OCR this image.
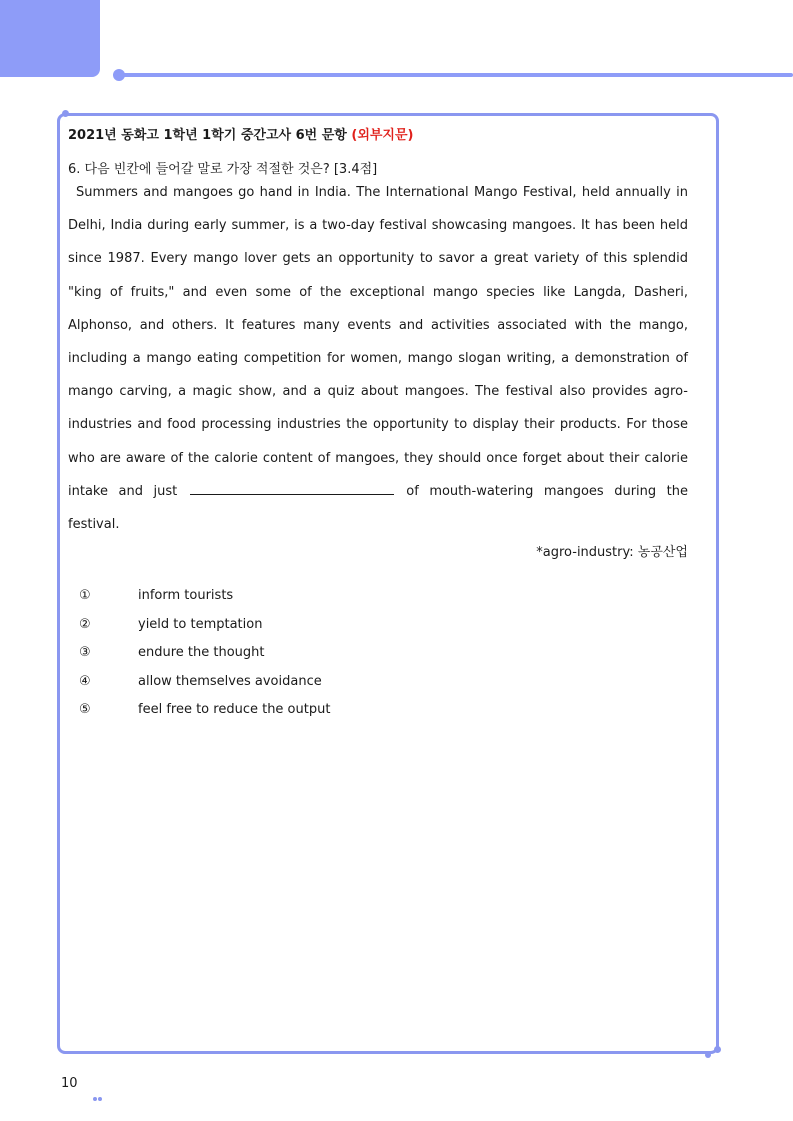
2021년 동화고 1학년 1학기 중간고사 6번 문항 (외부지문)
6. 다음 빈칸에 들어갈 말로 가장 적절한 것은? [3.4점]

Summers and mangoes go hand in India. The International Mango Festival, held annually in Delhi, India during early summer, is a two-day festival showcasing mangoes. It has been held since 1987. Every mango lover gets an opportunity to savor a great variety of this splendid "king of fruits," and even some of the exceptional mango species like Langda, Dasheri, Alphonso, and others. It features many events and activities associated with the mango, including a mango eating competition for women, mango slogan writing, a demonstration of mango carving, a magic show, and a quiz about mangoes. The festival also provides agro-industries and food processing industries the opportunity to display their products. For those who are aware of the calorie content of mangoes, they should once forget about their calorie intake and just	of mouth-watering mangoes during the festival.

*agro-industry: 농공산업
①	inform tourists
②	yield to temptation
③	endure the thought
④	allow themselves avoidance
⑤	feel free to reduce the output
10
